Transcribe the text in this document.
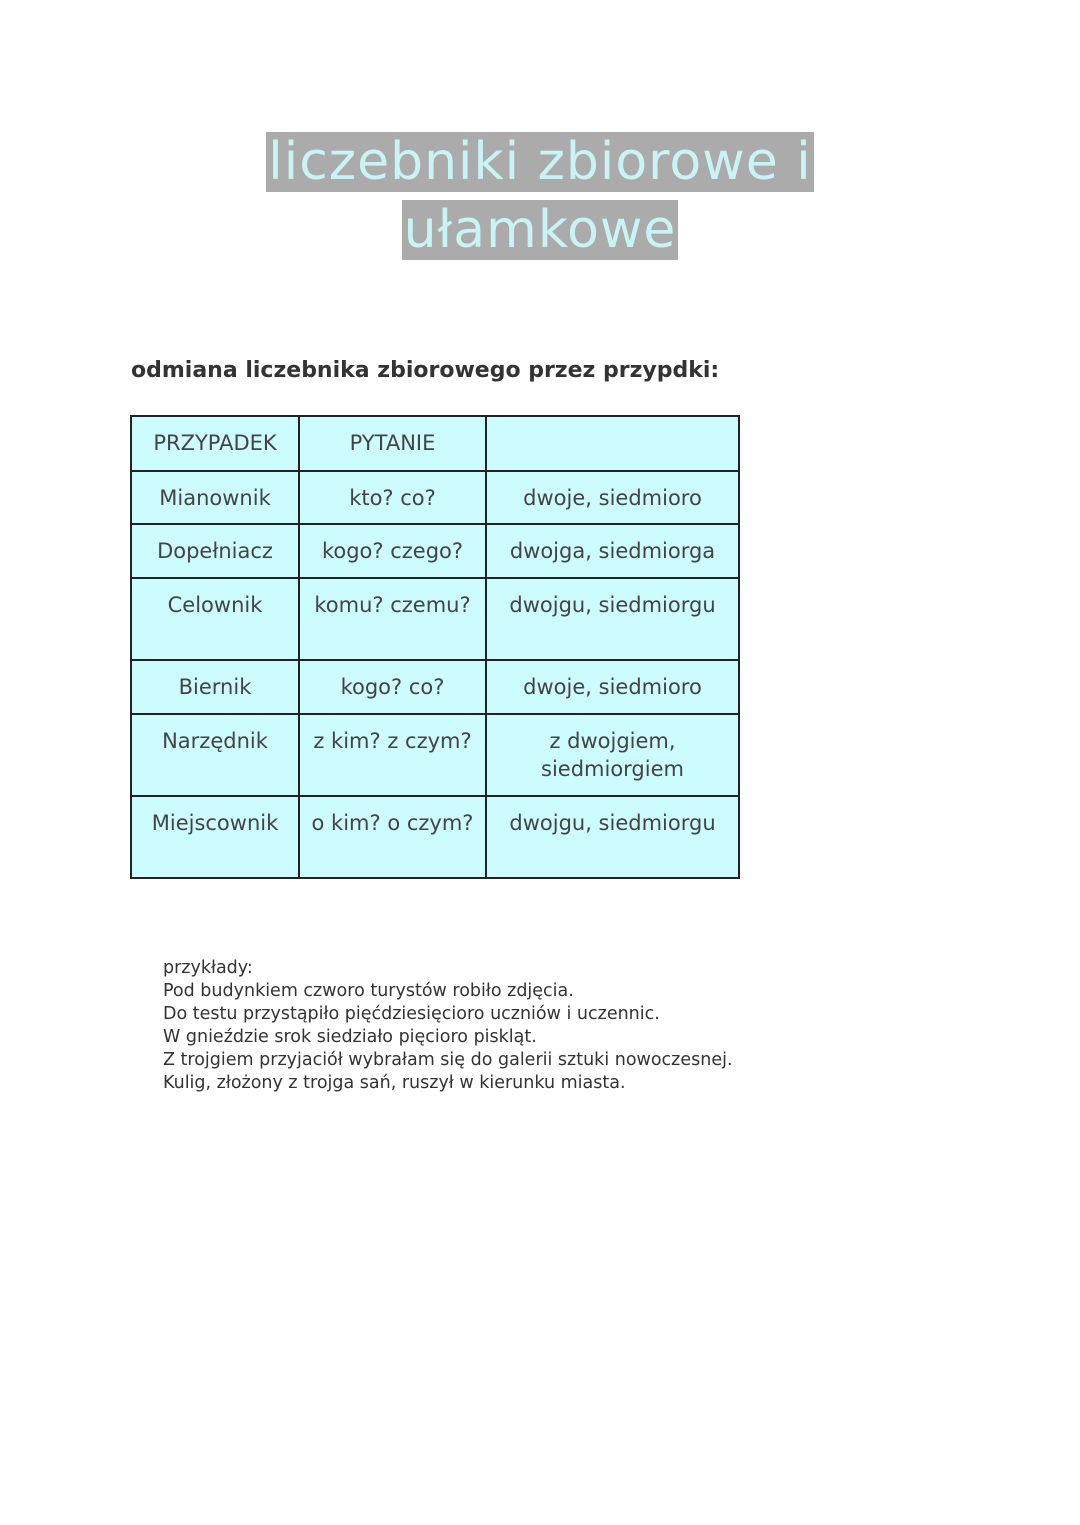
liczebniki zbiorowe i
ułamkowe
odmiana liczebnika zbiorowego przez przypdki:
PRZYPADEK	PYTANIE	
Mianownik	kto? co?	dwoje, siedmioro
Dopełniacz	kogo? czego?	dwojga, siedmiorga
Celownik	komu? czemu?	dwojgu, siedmiorgu
Biernik	kogo? co?	dwoje, siedmioro
Narzędnik	z kim? z czym?	z dwojgiem, siedmiorgiem
Miejscownik	o kim? o czym?	dwojgu, siedmiorgu
przykłady:
Pod budynkiem czworo turystów robiło zdjęcia.
Do testu przystąpiło pięćdziesięcioro uczniów i uczennic.
W gnieździe srok siedziało pięcioro piskląt.
Z trojgiem przyjaciół wybrałam się do galerii sztuki nowoczesnej.
Kulig, złożony z trojga sań, ruszył w kierunku miasta.
